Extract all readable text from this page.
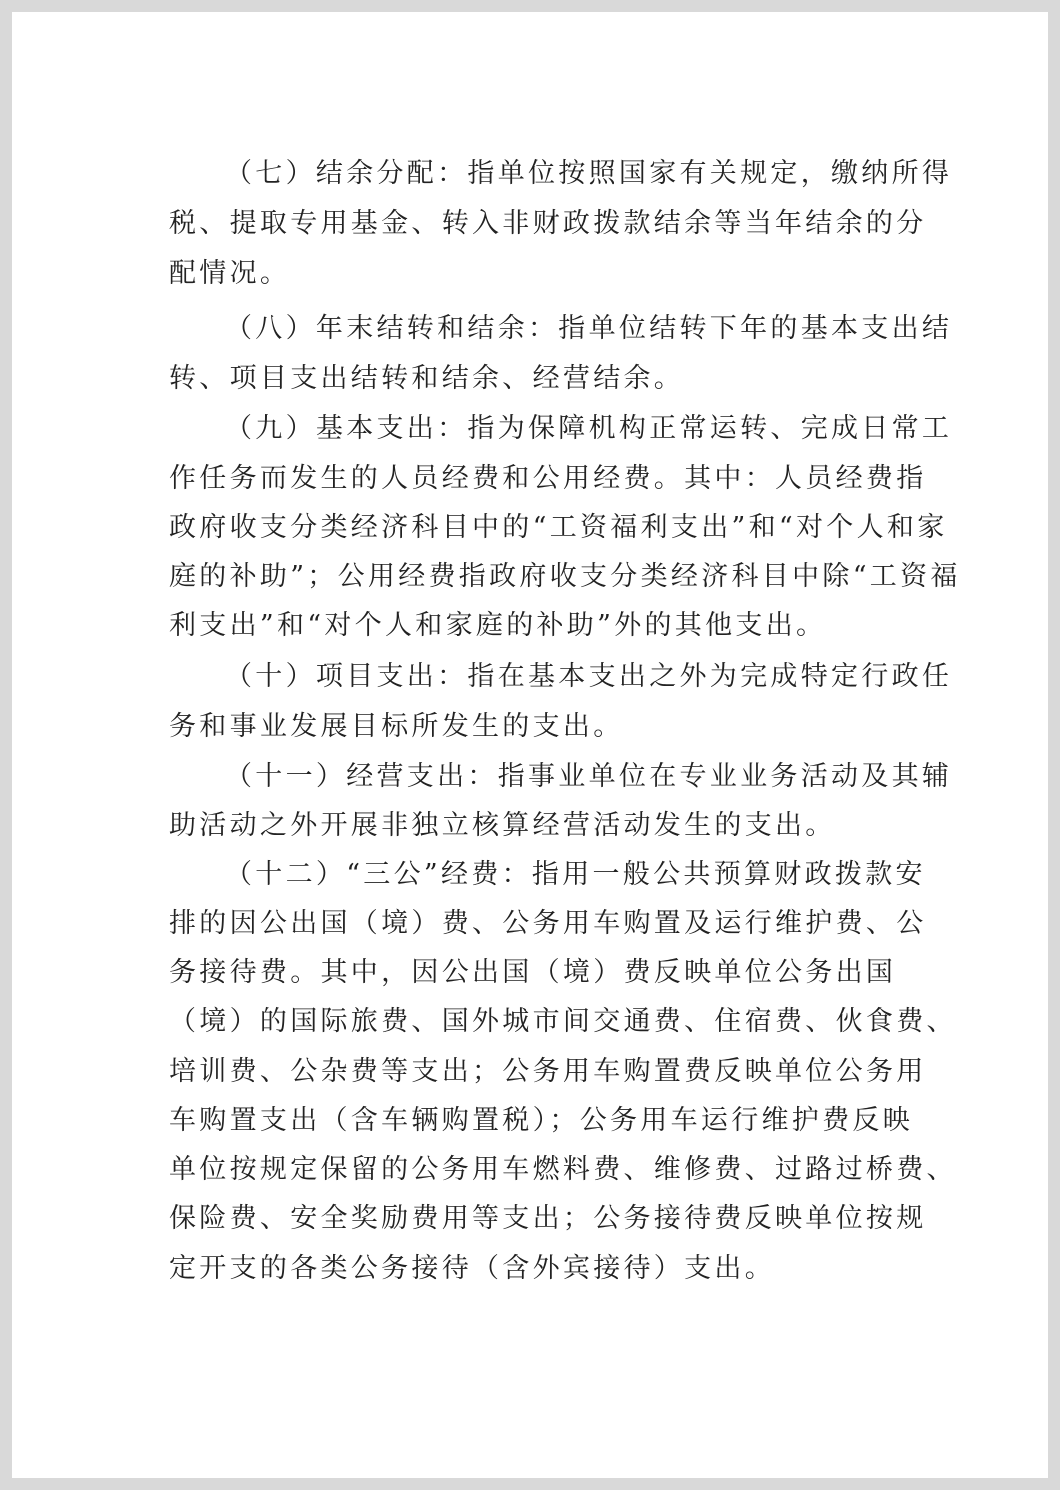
（七）结余分配：指单位按照国家有关规定，缴纳所得
税、提取专用基金、转入非财政拨款结余等当年结余的分
配情况。
（八）年末结转和结余：指单位结转下年的基本支出结
转、项目支出结转和结余、经营结余。
（九）基本支出：指为保障机构正常运转、完成日常工
作任务而发生的人员经费和公用经费。其中：人员经费指
政府收支分类经济科目中的“工资福利支出”和“对个人和家
庭的补助”；公用经费指政府收支分类经济科目中除“工资福
利支出”和“对个人和家庭的补助”外的其他支出。
（十）项目支出：指在基本支出之外为完成特定行政任
务和事业发展目标所发生的支出。
（十一）经营支出：指事业单位在专业业务活动及其辅
助活动之外开展非独立核算经营活动发生的支出。
（十二）“三公”经费：指用一般公共预算财政拨款安
排的因公出国（境）费、公务用车购置及运行维护费、公
务接待费。其中，因公出国（境）费反映单位公务出国
（境）的国际旅费、国外城市间交通费、住宿费、伙食费、
培训费、公杂费等支出；公务用车购置费反映单位公务用
车购置支出（含车辆购置税）；公务用车运行维护费反映
单位按规定保留的公务用车燃料费、维修费、过路过桥费、
保险费、安全奖励费用等支出；公务接待费反映单位按规
定开支的各类公务接待（含外宾接待）支出。
